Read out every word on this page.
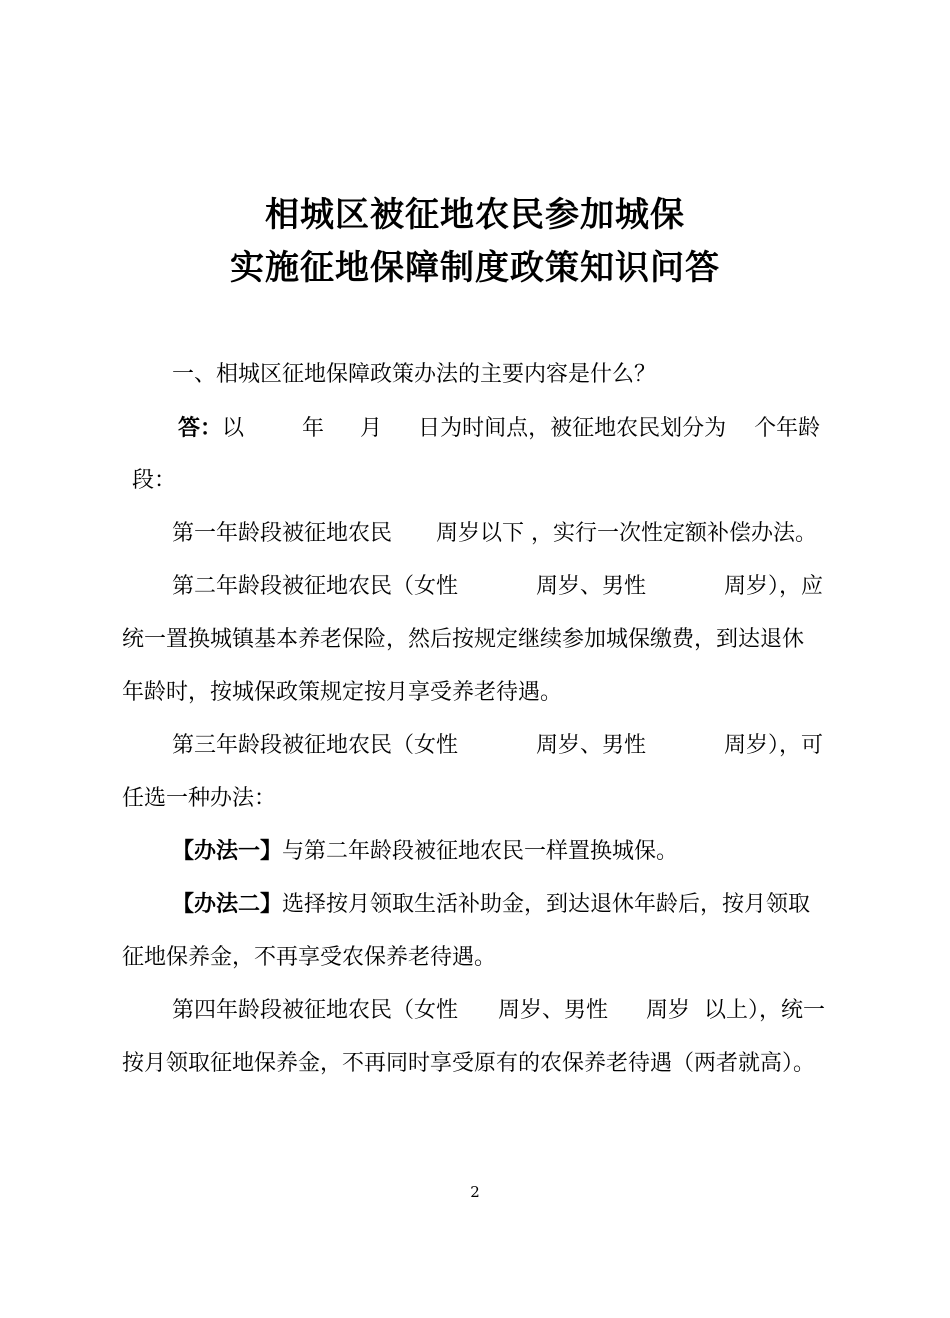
相城区被征地农民参加城保
实施征地保障制度政策知识问答
一、相城区征地保障政策办法的主要内容是什么？
答：以	年 月 日为时间点，被征地农民划分为 个年龄
段：
第一年龄段被征地农民 周岁以下 ，实行一次性定额补偿办法。
第二年龄段被征地农民（女性	周岁、男性	周岁），应
统一置换城镇基本养老保险，然后按规定继续参加城保缴费，到达退休
年龄时，按城保政策规定按月享受养老待遇。
第三年龄段被征地农民（女性	周岁、男性	周岁），可
任选一种办法：
【办法一】与第二年龄段被征地农民一样置换城保。
【办法二】选择按月领取生活补助金，到达退休年龄后，按月领取
征地保养金，不再享受农保养老待遇。
第四年龄段被征地农民（女性 周岁、男性 周岁 以上），统一
按月领取征地保养金，不再同时享受原有的农保养老待遇（两者就高）。
2
